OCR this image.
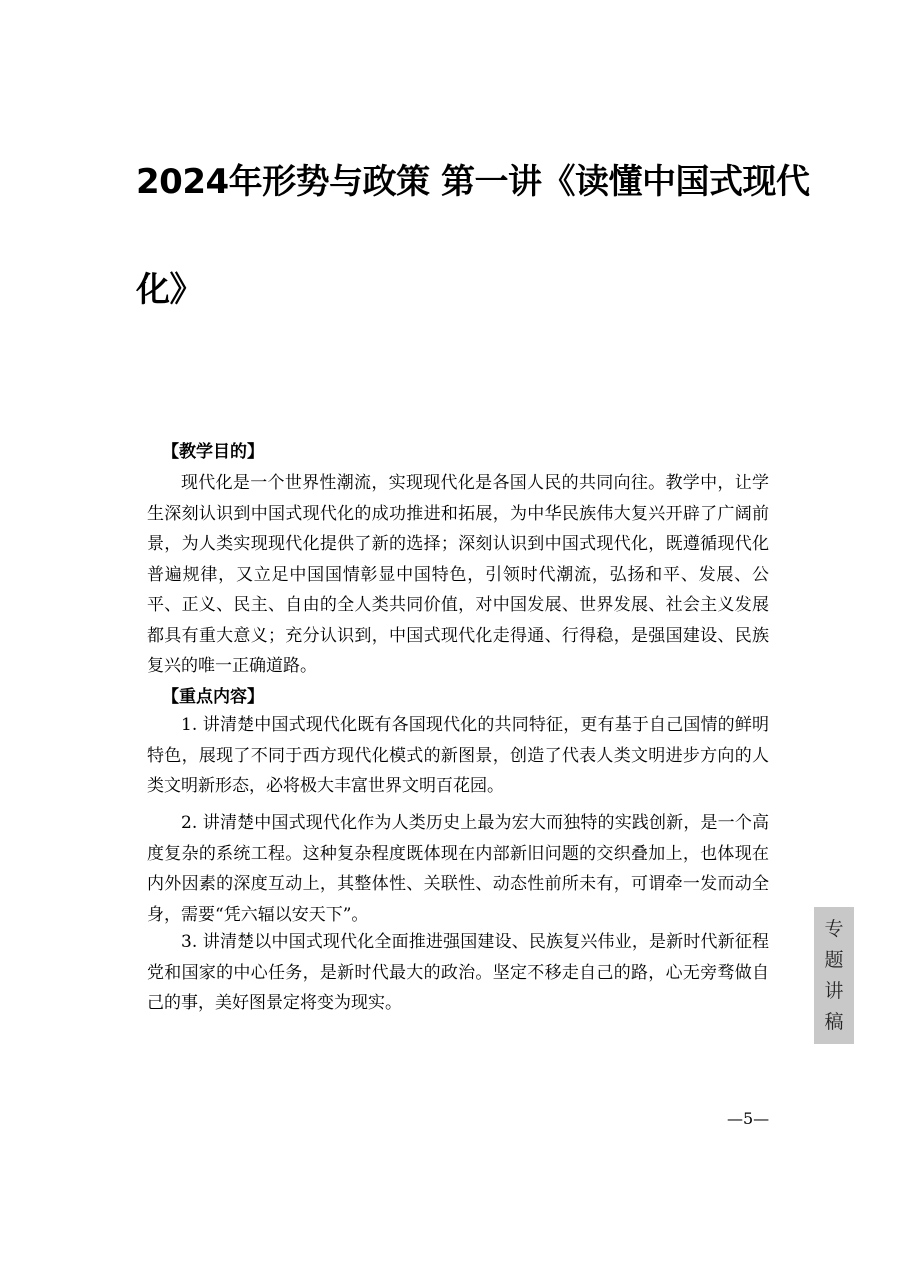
2024年形势与政策 第一讲《读懂中国式现代化》
【教学目的】

现代化是一个世界性潮流，实现现代化是各国人民的共同向往。教学中，让学生深刻认识到中国式现代化的成功推进和拓展，为中华民族伟大复兴开辟了广阔前景，为人类实现现代化提供了新的选择；深刻认识到中国式现代化，既遵循现代化普遍规律，又立足中国国情彰显中国特色，引领时代潮流，弘扬和平、发展、公平、正义、民主、自由的全人类共同价值，对中国发展、世界发展、社会主义发展都具有重大意义；充分认识到，中国式现代化走得通、行得稳，是强国建设、民族复兴的唯一正确道路。

【重点内容】

1. 讲清楚中国式现代化既有各国现代化的共同特征，更有基于自己国情的鲜明特色，展现了不同于西方现代化模式的新图景，创造了代表人类文明进步方向的人类文明新形态，必将极大丰富世界文明百花园。

2. 讲清楚中国式现代化作为人类历史上最为宏大而独特的实践创新，是一个高度复杂的系统工程。这种复杂程度既体现在内部新旧问题的交织叠加上，也体现在内外因素的深度互动上，其整体性、关联性、动态性前所未有，可谓牵一发而动全身，需要“凭六辐以安天下”。

3. 讲清楚以中国式现代化全面推进强国建设、民族复兴伟业，是新时代新征程党和国家的中心任务，是新时代最大的政治。坚定不移走自己的路，心无旁骛做自己的事，美好图景定将变为现实。

专
题
讲
稿
—5—
